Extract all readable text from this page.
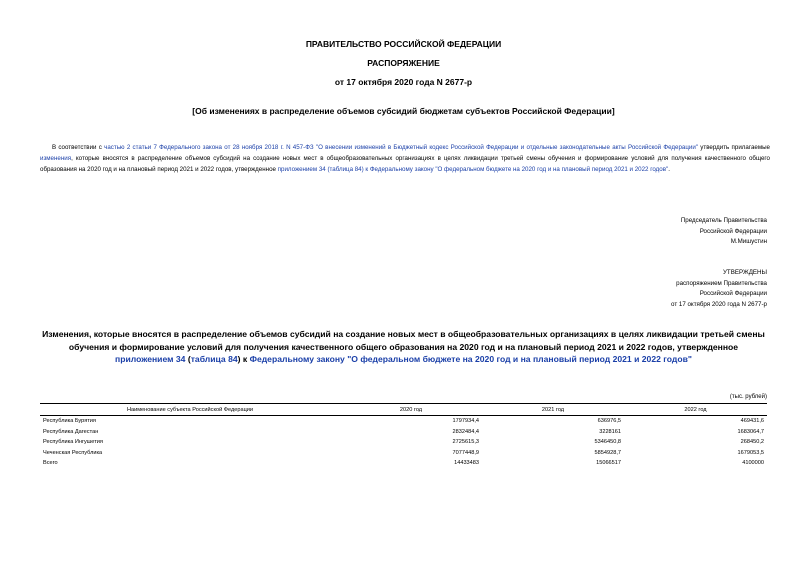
ПРАВИТЕЛЬСТВО РОССИЙСКОЙ ФЕДЕРАЦИИ
РАСПОРЯЖЕНИЕ
от 17 октября 2020 года N 2677-р
[Об изменениях в распределение объемов субсидий бюджетам субъектов Российской Федерации]
В соответствии с частью 2 статьи 7 Федерального закона от 28 ноября 2018 г. N 457-ФЗ "О внесении изменений в Бюджетный кодекс Российской Федерации и отдельные законодательные акты Российской Федерации" утвердить прилагаемые изменения, которые вносятся в распределение объемов субсидий на создание новых мест в общеобразовательных организациях в целях ликвидации третьей смены обучения и формирование условий для получения качественного общего образования на 2020 год и на плановый период 2021 и 2022 годов, утвержденное приложением 34 (таблица 84) к Федеральному закону "О федеральном бюджете на 2020 год и на плановый период 2021 и 2022 годов".
Председатель Правительства
Российской Федерации
М.Мишустин
УТВЕРЖДЕНЫ
распоряжением Правительства
Российской Федерации
от 17 октября 2020 года N 2677-р
Изменения, которые вносятся в распределение объемов субсидий на создание новых мест в общеобразовательных организациях в целях ликвидации третьей смены обучения и формирование условий для получения качественного общего образования на 2020 год и на плановый период 2021 и 2022 годов, утвержденное приложением 34 (таблица 84) к Федеральному закону "О федеральном бюджете на 2020 год и на плановый период 2021 и 2022 годов"
(тыс. рублей)
Наименование субъекта Российской Федерации	2020 год	2021 год	2022 год
Республика Бурятия	1797934,4	636976,5	469431,6
Республика Дагестан	2832484,4	3228161	1683064,7
Республика Ингушетия	2725615,3	5346450,8	268450,2
Чеченская Республика	7077448,9	5854928,7	1679053,5
Всего	14433483	15066517	4100000
